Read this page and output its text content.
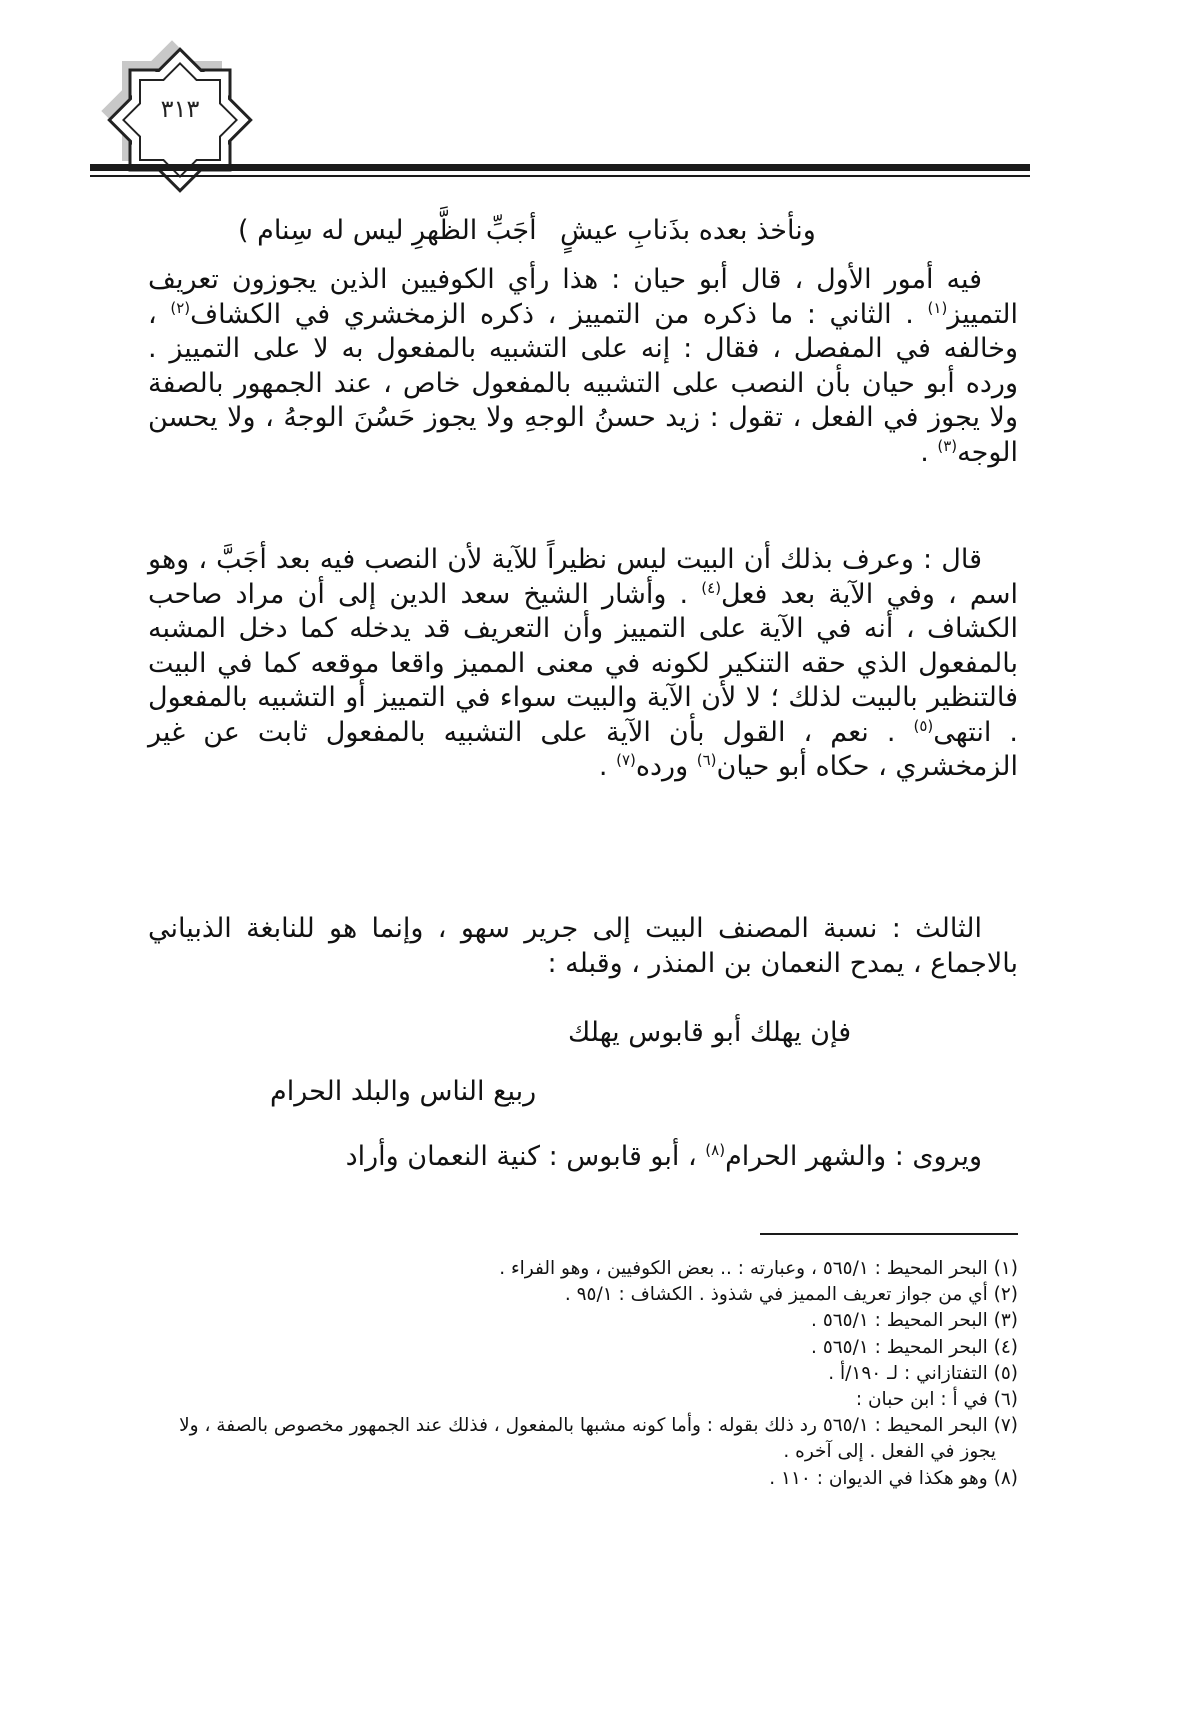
٣١٣
ونأخذ بعده بذَنابِ عيشٍ
أجَبِّ الظَّهرِ ليس له سِنام )
فيه أمور الأول ، قال أبو حيان : هذا رأي الكوفيين الذين يجوزون تعريف التمييز$^{(١)}$ . الثاني : ما ذكره من التمييز ، ذكره الزمخشري في الكشاف$^{(٢)}$ ، وخالفه في المفصل ، فقال : إنه على التشبيه بالمفعول به لا على التمييز . ورده أبو حيان بأن النصب على التشبيه بالمفعول خاص ، عند الجمهور بالصفة ولا يجوز في الفعل ، تقول : زيد حسنُ الوجهِ ولا يجوز حَسُنَ الوجهُ ، ولا يحسن الوجه$^{(٣)}$ .
قال : وعرف بذلك أن البيت ليس نظيراً للآية لأن النصب فيه بعد أجَبَّ ، وهو اسم ، وفي الآية بعد فعل$^{(٤)}$ . وأشار الشيخ سعد الدين إلى أن مراد صاحب الكشاف ، أنه في الآية على التمييز وأن التعريف قد يدخله كما دخل المشبه بالمفعول الذي حقه التنكير لكونه في معنى المميز واقعا موقعه كما في البيت فالتنظير بالبيت لذلك ؛ لا لأن الآية والبيت سواء في التمييز أو التشبيه بالمفعول . انتهى$^{(٥)}$ . نعم ، القول بأن الآية على التشبيه بالمفعول ثابت عن غير الزمخشري ، حكاه أبو حيان$^{(٦)}$ ورده$^{(٧)}$ .
الثالث : نسبة المصنف البيت إلى جرير سهو ، وإنما هو للنابغة الذبياني بالاجماع ، يمدح النعمان بن المنذر ، وقبله :
فإن يهلك أبو قابوس يهلك
ربيع الناس والبلد الحرام
ويروى : والشهر الحرام$^{(٨)}$ ، أبو قابوس : كنية النعمان وأراد
(١) البحر المحيط : ٥٦٥/١ ، وعبارته : .. بعض الكوفيين ، وهو الفراء .
(٢) أي من جواز تعريف المميز في شذوذ . الكشاف : ٩٥/١ .
(٣) البحر المحيط : ٥٦٥/١ .
(٤) البحر المحيط : ٥٦٥/١ .
(٥) التفتازاني : لـ ١٩٠/أ .
(٦) في أ : ابن حبان :
(٧) البحر المحيط : ٥٦٥/١ رد ذلك بقوله : وأما كونه مشبها بالمفعول ، فذلك عند الجمهور مخصوص بالصفة ، ولا يجوز في الفعل . إلى آخره .
(٨) وهو هكذا في الديوان : ١١٠ .
